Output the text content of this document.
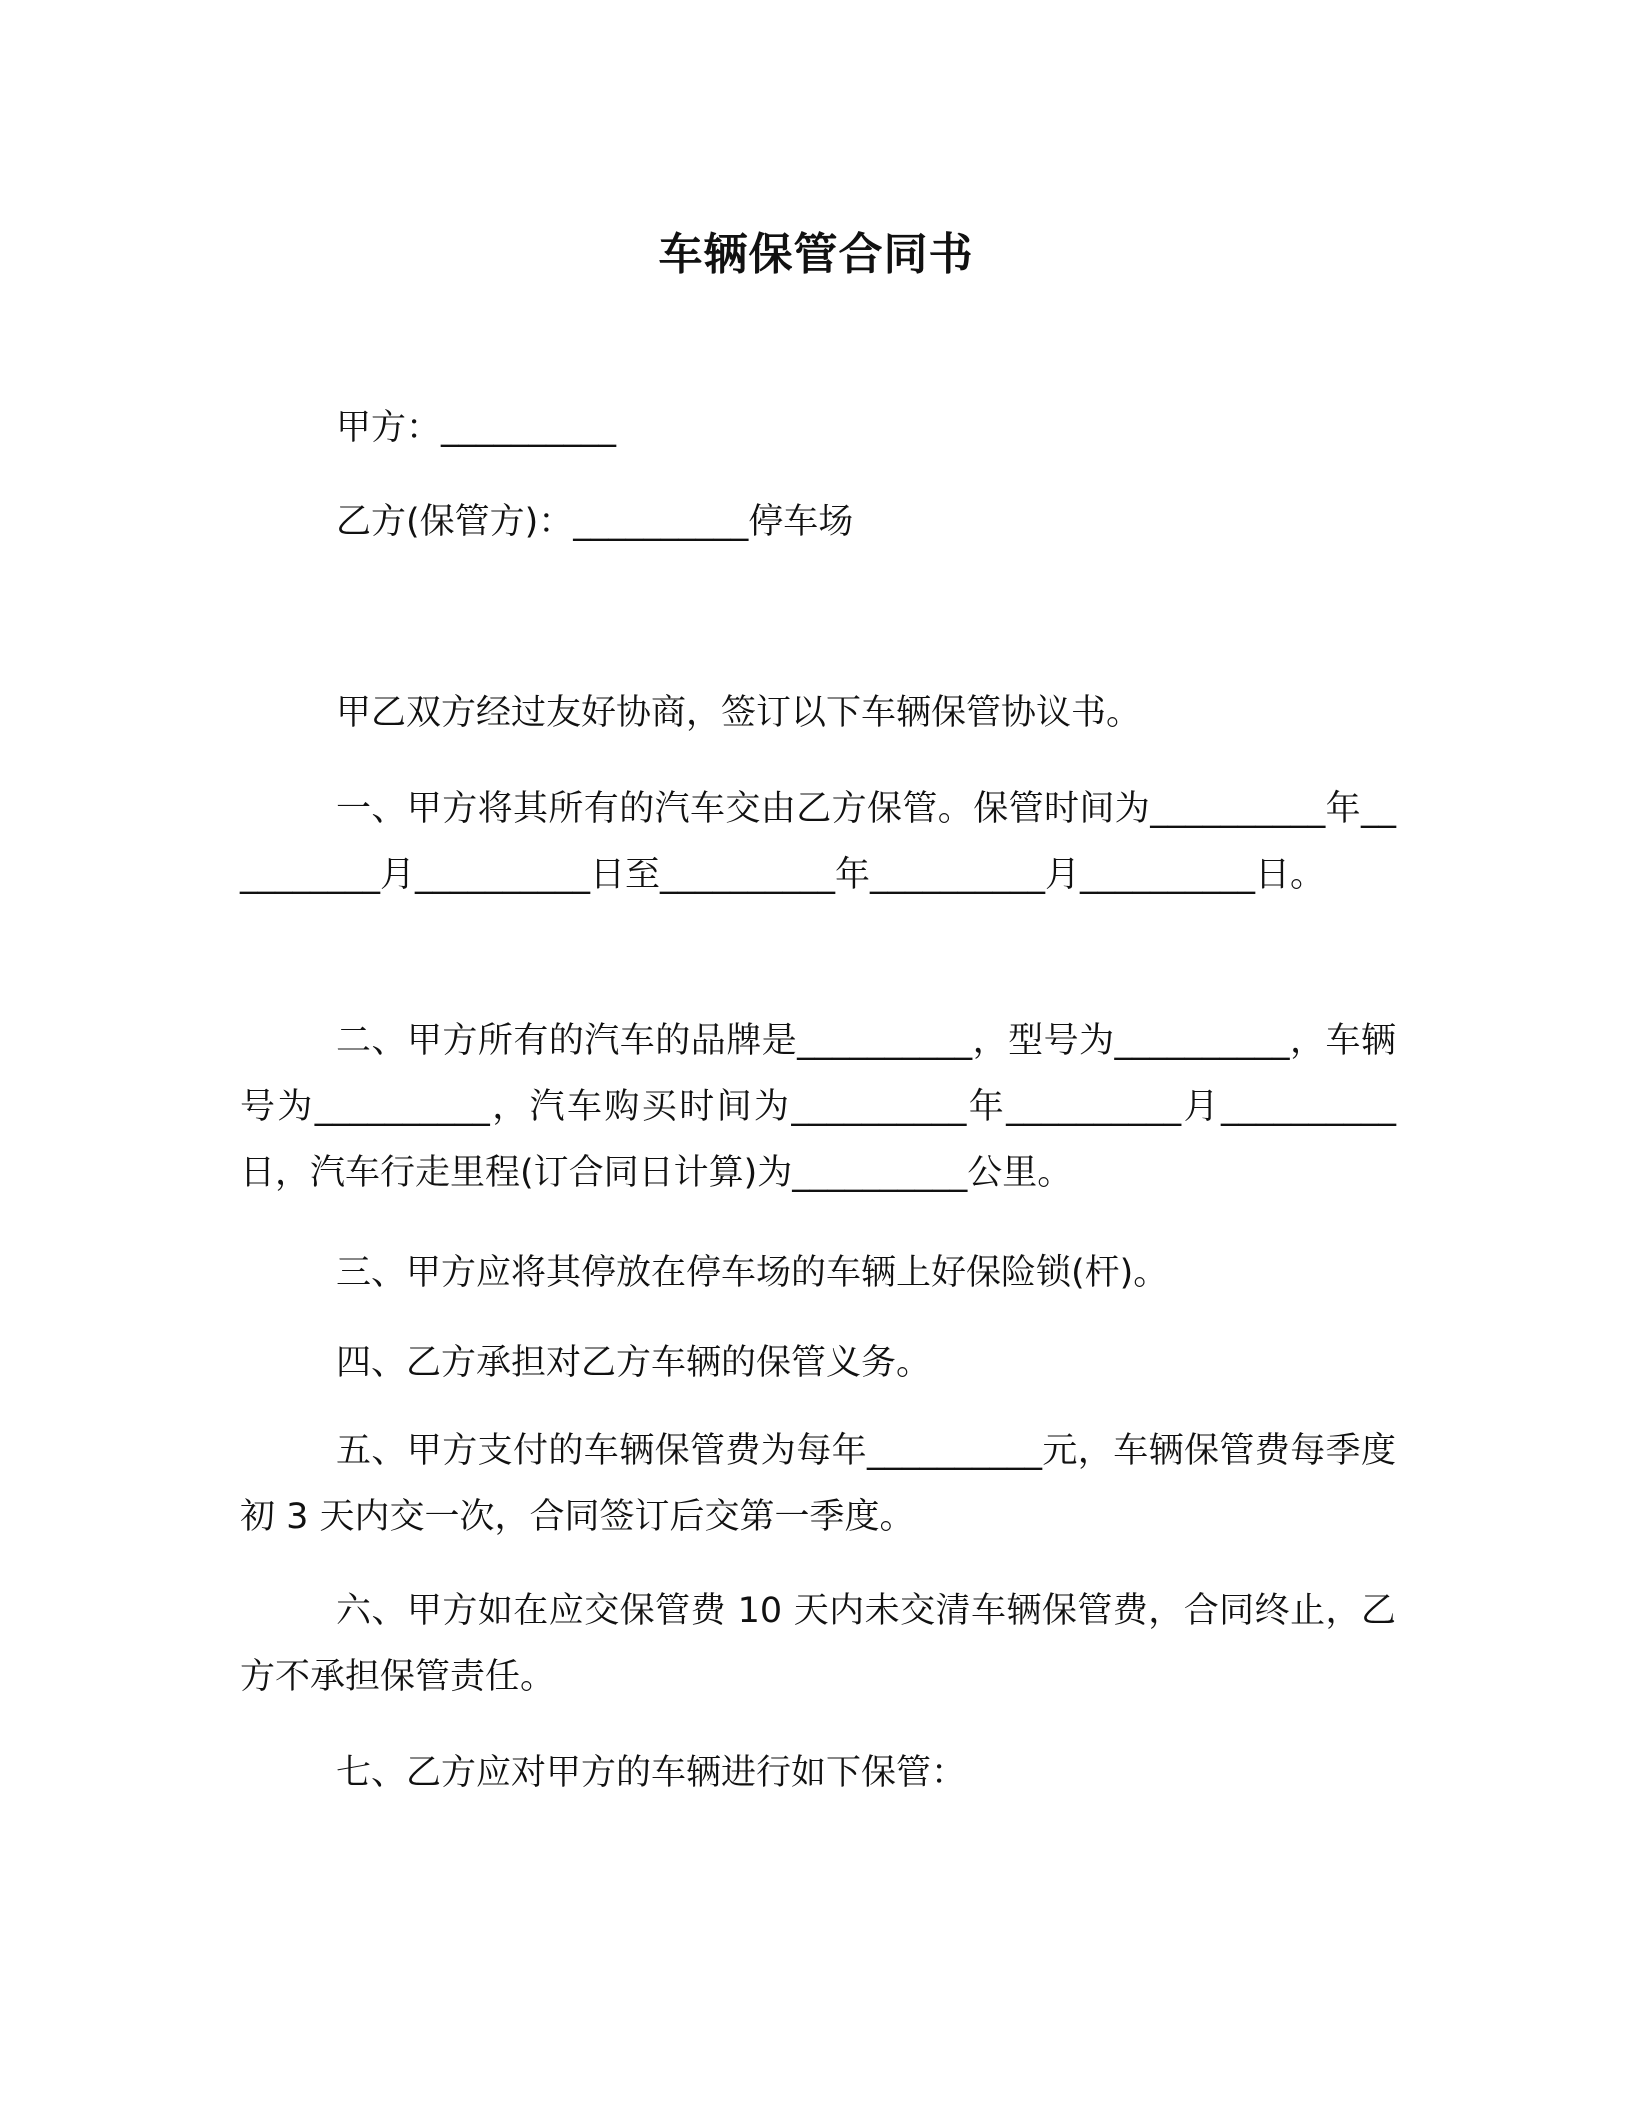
车辆保管合同书
甲方：__________
乙方(保管方)：__________停车场
甲乙双方经过友好协商，签订以下车辆保管协议书。
一、甲方将其所有的汽车交由乙方保管。保管时间为__________年__________月__________日至__________年__________月__________日。
二、甲方所有的汽车的品牌是__________，型号为__________，车辆号为__________，汽车购买时间为__________年__________月__________日，汽车行走里程(订合同日计算)为__________公里。
三、甲方应将其停放在停车场的车辆上好保险锁(杆)。
四、乙方承担对乙方车辆的保管义务。
五、甲方支付的车辆保管费为每年__________元，车辆保管费每季度初 3 天内交一次，合同签订后交第一季度。
六、甲方如在应交保管费 10 天内未交清车辆保管费，合同终止，乙方不承担保管责任。
七、乙方应对甲方的车辆进行如下保管：
